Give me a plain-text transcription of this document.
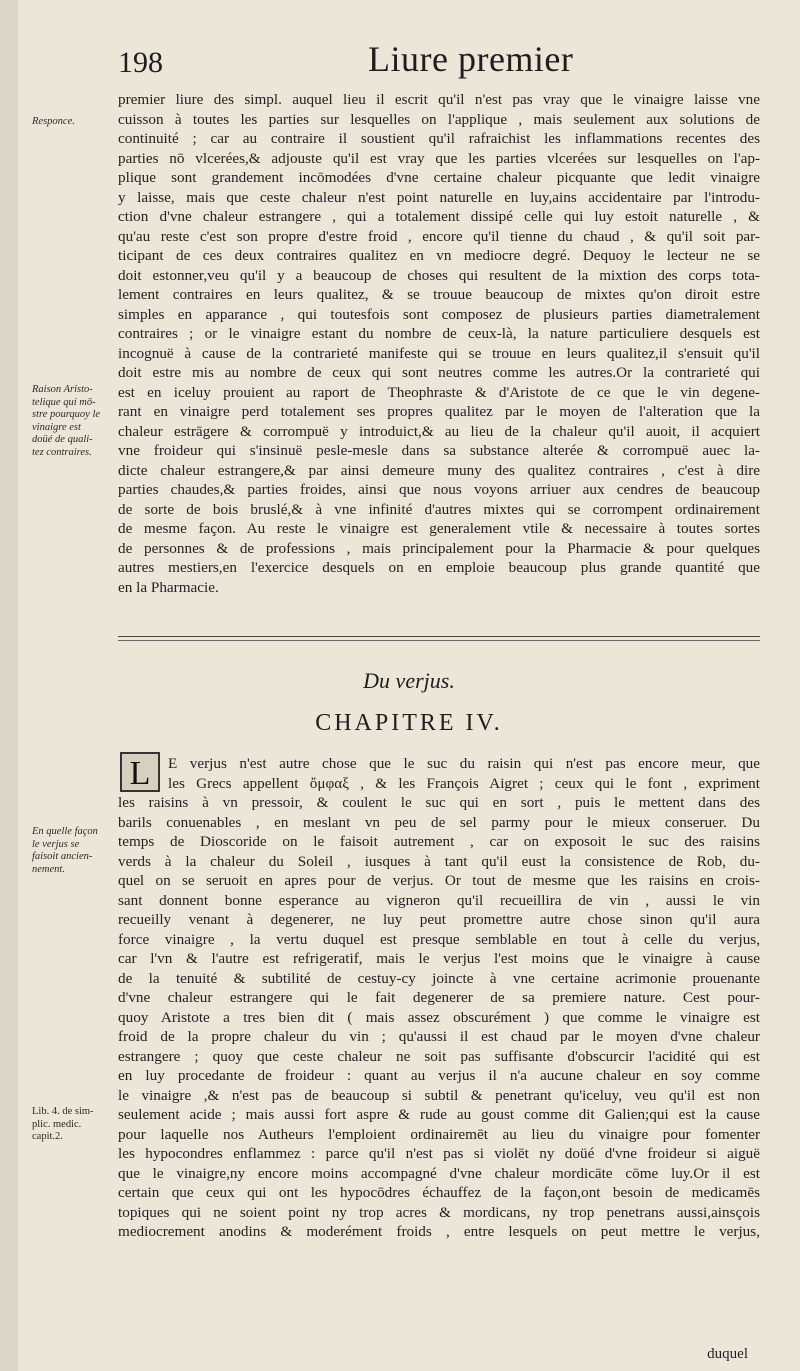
198	Liure premier
Responce.
Raison Aristo-
telique qui mō-
stre pourquoy le
vinaigre est
doüé de quali-
tez contraires.
premier liure des simpl. auquel lieu il escrit qu'il n'est pas vray que le vinaigre laisse vne
cuisson à toutes les parties sur lesquelles on l'applique , mais seulement aux solutions de
continuité ; car au contraire il soustient qu'il rafraichist les inflammations recentes des
parties nō vlcerées,& adjouste qu'il est vray que les parties vlcerées sur lesquelles on l'ap-
plique sont grandement incōmodées d'vne certaine chaleur picquante que ledit vinaigre
y laisse, mais que ceste chaleur n'est point naturelle en luy,ains accidentaire par l'introdu-
ction d'vne chaleur estrangere , qui a totalement dissipé celle qui luy estoit naturelle , &
qu'au reste c'est son propre d'estre froid , encore qu'il tienne du chaud , & qu'il soit par-
ticipant de ces deux contraires qualitez en vn mediocre degré. Dequoy le lecteur ne se
doit estonner,veu qu'il y a beaucoup de choses qui resultent de la mixtion des corps tota-
lement contraires en leurs qualitez, & se trouue beaucoup de mixtes qu'on diroit estre
simples en apparance , qui toutesfois sont composez de plusieurs parties diametralement
contraires ; or le vinaigre estant du nombre de ceux-là, la nature particuliere desquels est
incognuë à cause de la contrarieté manifeste qui se trouue en leurs qualitez,il s'ensuit qu'il
doit estre mis au nombre de ceux qui sont neutres comme les autres.Or la contrarieté qui
est en iceluy prouient au raport de Theophraste & d'Aristote de ce que le vin degene-
rant en vinaigre perd totalement ses propres qualitez par le moyen de l'alteration que la
chaleur estrāgere & corrompuë y introduict,& au lieu de la chaleur qu'il auoit, il acquiert
vne froideur qui s'insinuë pesle-mesle dans sa substance alterée & corrompuë auec la-
dicte chaleur estrangere,& par ainsi demeure muny des qualitez contraires , c'est à dire
parties chaudes,& parties froides, ainsi que nous voyons arriuer aux cendres de beaucoup
de sorte de bois bruslé,& à vne infinité d'autres mixtes qui se corrompent ordinairement
de mesme façon. Au reste le vinaigre est generalement vtile & necessaire à toutes sortes
de personnes & de professions , mais principalement pour la Pharmacie & pour quelques
autres mestiers,en l'exercice desquels on en emploie beaucoup plus grande quantité que
en la Pharmacie.
Du verjus.
CHAPITRE IV.
L	E verjus n'est autre chose que le suc du raisin qui n'est pas encore meur, que
les Grecs appellent ὄμφαξ , & les François Aigret ; ceux qui le font , expriment
En quelle façon
le verjus se
faisoit ancien-
nement.
Lib. 4. de sim-
plic. medic.
capit.2.
les raisins à vn pressoir, & coulent le suc qui en sort , puis le mettent dans des
barils conuenables , en meslant vn peu de sel parmy pour le mieux conseruer. Du
temps de Dioscoride on le faisoit autrement , car on exposoit le suc des raisins
verds à la chaleur du Soleil , iusques à tant qu'il eust la consistence de Rob, du-
quel on se seruoit en apres pour de verjus. Or tout de mesme que les raisins en crois-
sant donnent bonne esperance au vigneron qu'il recueillira de vin , aussi le vin
recueilly venant à degenerer, ne luy peut promettre autre chose sinon qu'il aura
force vinaigre , la vertu duquel est presque semblable en tout à celle du verjus,
car l'vn & l'autre est refrigeratif, mais le verjus l'est moins que le vinaigre à cause
de la tenuité & subtilité de cestuy-cy joincte à vne certaine acrimonie prouenante
d'vne chaleur estrangere qui le fait degenerer de sa premiere nature. Cest pour-
quoy Aristote a tres bien dit ( mais assez obscurément ) que comme le vinaigre est
froid de la propre chaleur du vin ; qu'aussi il est chaud par le moyen d'vne chaleur
estrangere ; quoy que ceste chaleur ne soit pas suffisante d'obscurcir l'acidité qui est
en luy procedante de froideur : quant au verjus il n'a aucune chaleur en soy comme
le vinaigre ,& n'est pas de beaucoup si subtil & penetrant qu'iceluy, veu qu'il est non
seulement acide ; mais aussi fort aspre & rude au goust comme dit Galien;qui est la cause
pour laquelle nos Autheurs l'emploient ordinairemēt au lieu du vinaigre pour fomenter
les hypocondres enflammez : parce qu'il n'est pas si violēt ny doüé d'vne froideur si aiguë
que le vinaigre,ny encore moins accompagné d'vne chaleur mordicāte cōme luy.Or il est
certain que ceux qui ont les hypocōdres échauffez de la façon,ont besoin de medicamēs
topiques qui ne soient point ny trop acres & mordicans, ny trop penetrans aussi,ainsçois
mediocrement anodins & moderément froids , entre lesquels on peut mettre le verjus,
duquel
